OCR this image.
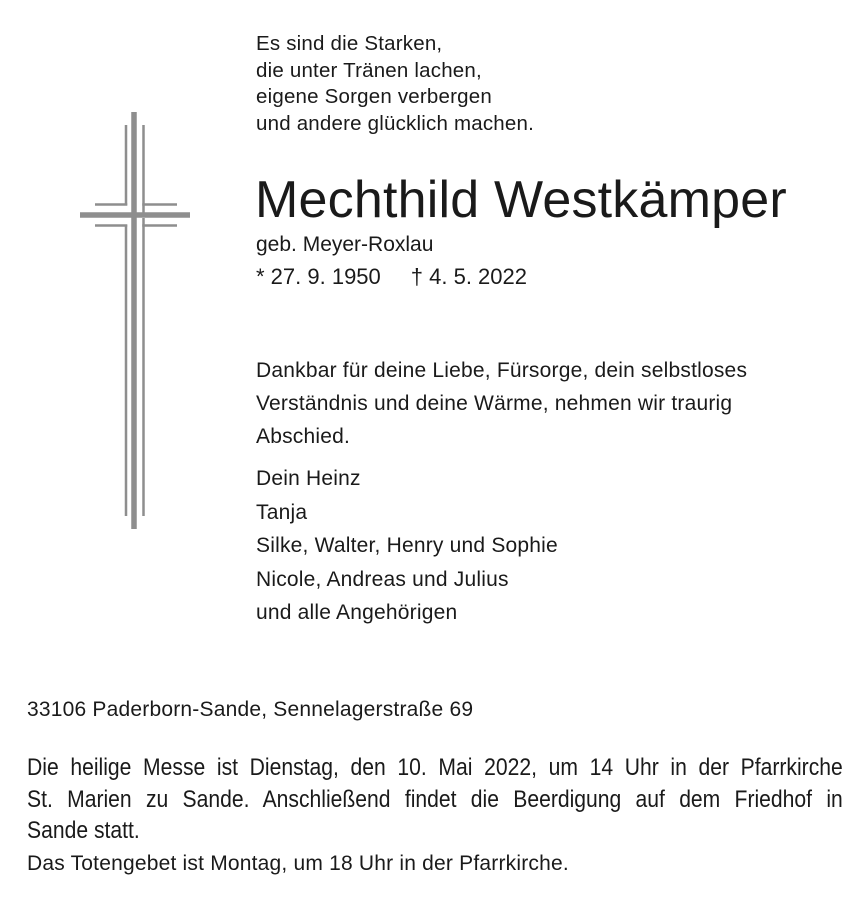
Es sind die Starken,
die unter Tränen lachen,
eigene Sorgen verbergen
und andere glücklich machen.
Mechthild Westkämper
geb. Meyer-Roxlau
* 27. 9. 1950 † 4. 5. 2022
Dankbar für deine Liebe, Fürsorge, dein selbstloses
Verständnis und deine Wärme, nehmen wir traurig
Abschied.
Dein Heinz
Tanja
Silke, Walter, Henry und Sophie
Nicole, Andreas und Julius
und alle Angehörigen
33106 Paderborn-Sande, Sennelagerstraße 69
Die heilige Messe ist Dienstag, den 10. Mai 2022, um 14 Uhr in der Pfarrkirche
St. Marien zu Sande. Anschließend findet die Beerdigung auf dem Friedhof in
Sande statt.
Das Totengebet ist Montag, um 18 Uhr in der Pfarrkirche.
